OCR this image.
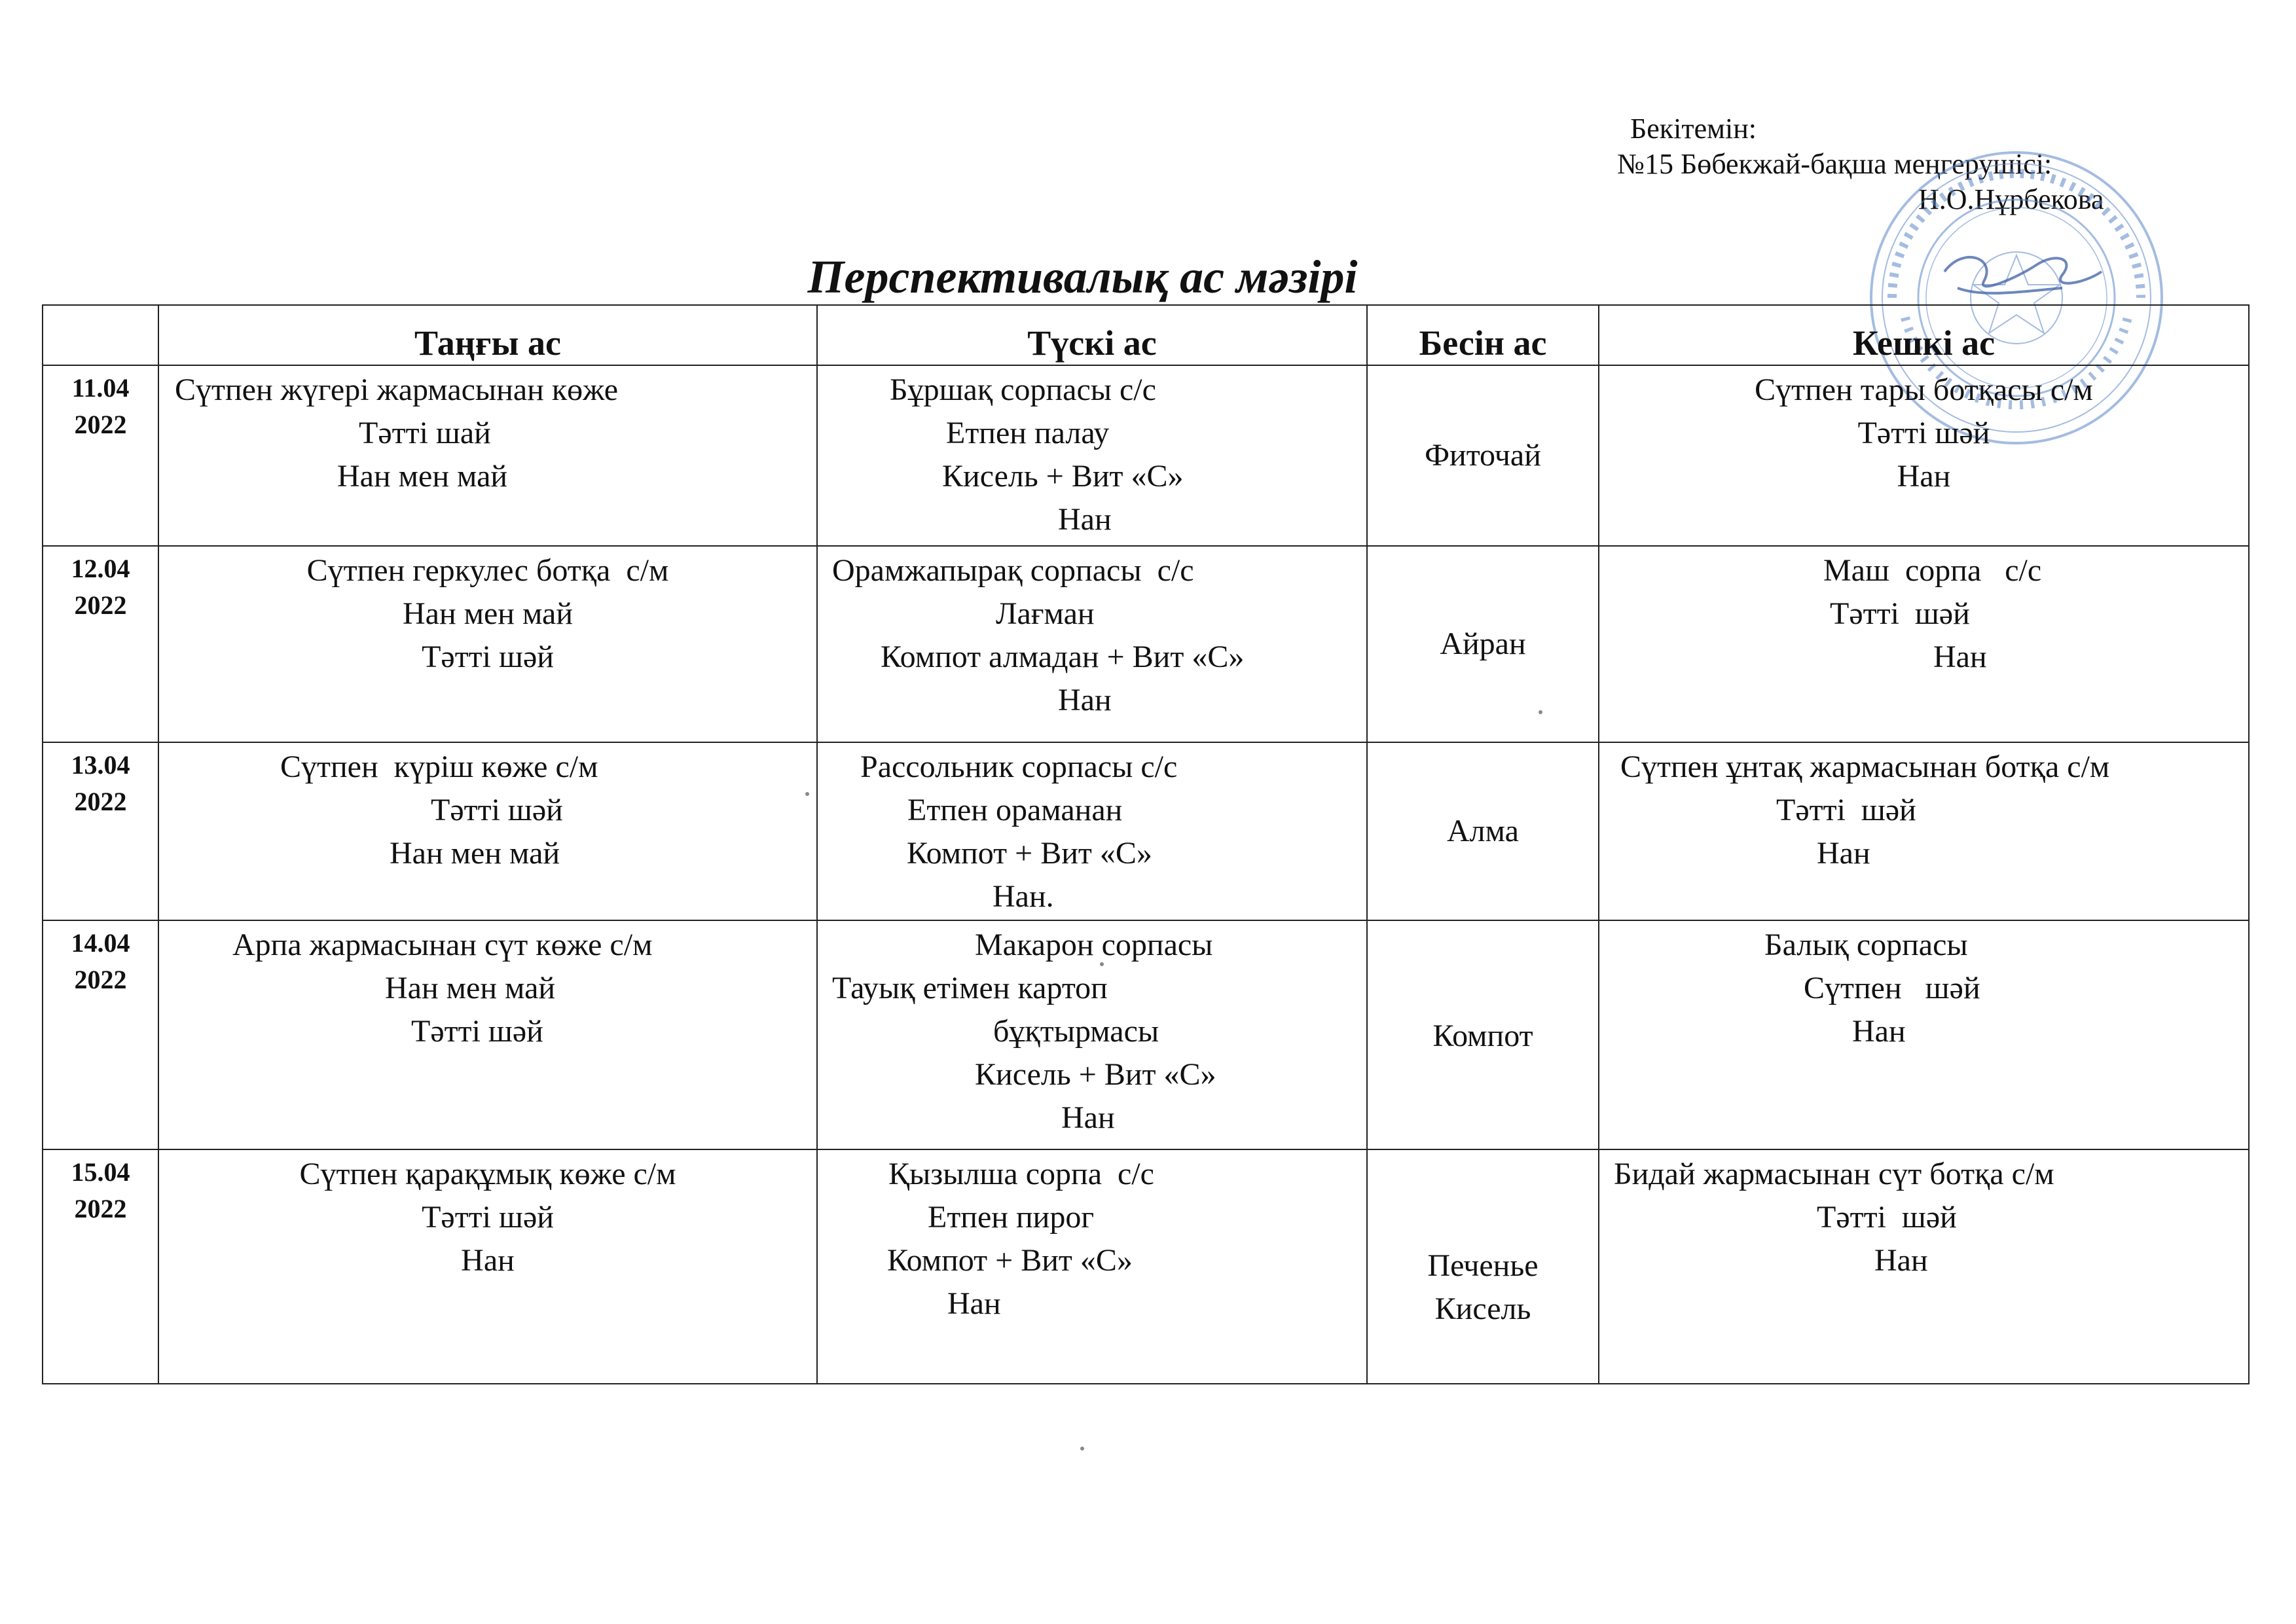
Бекітемін:
№15 Бөбекжай-бақша меңгерушісі:
Н.О.Нұрбекова
Перспективалық ас мәзірі
	Таңғы ас	Түскі ас	Бесін ас	Кешкі ас

11.04
2022	Сүтпен жүгері жармасынан көже
Тәтті шай
Нан мен май	Бұршақ сорпасы с/с
Етпен палау
Кисель + Вит «С»
Нан	Фиточай	Сүтпен тары ботқасы с/м
Тәтті шәй
Нан

12.04
2022	Сүтпен геркулес ботқа  с/м
Нан мен май
Тәтті шәй	Орамжапырақ сорпасы  с/с
Лағман
Компот алмадан + Вит «С»
Нан	Айран	Маш  сорпа   с/с
Тәтті  шәй
Нан

13.04
2022	Сүтпен  күріш көже с/м
Тәтті шәй
Нан мен май	Рассольник сорпасы с/с
Етпен ораманан
Компот + Вит «С»
Нан.	Алма	Сүтпен ұнтақ жармасынан ботқа с/м
Тәтті  шәй
Нан

14.04
2022	Арпа жармасынан сүт көже с/м
Нан мен май
Тәтті шәй	Макарон сорпасы
Тауық етімен картоп
бұқтырмасы
Кисель + Вит «С»
Нан	Компот	Балық сорпасы
Сүтпен   шәй
Нан

15.04
2022	Сүтпен қарақұмық көже с/м
Тәтті шәй
Нан	Қызылша сорпа  с/с
Етпен пирог
Компот + Вит «С»
Нан	Печенье
Кисель	Бидай жармасынан сүт ботқа с/м
Тәтті  шәй
Нан
